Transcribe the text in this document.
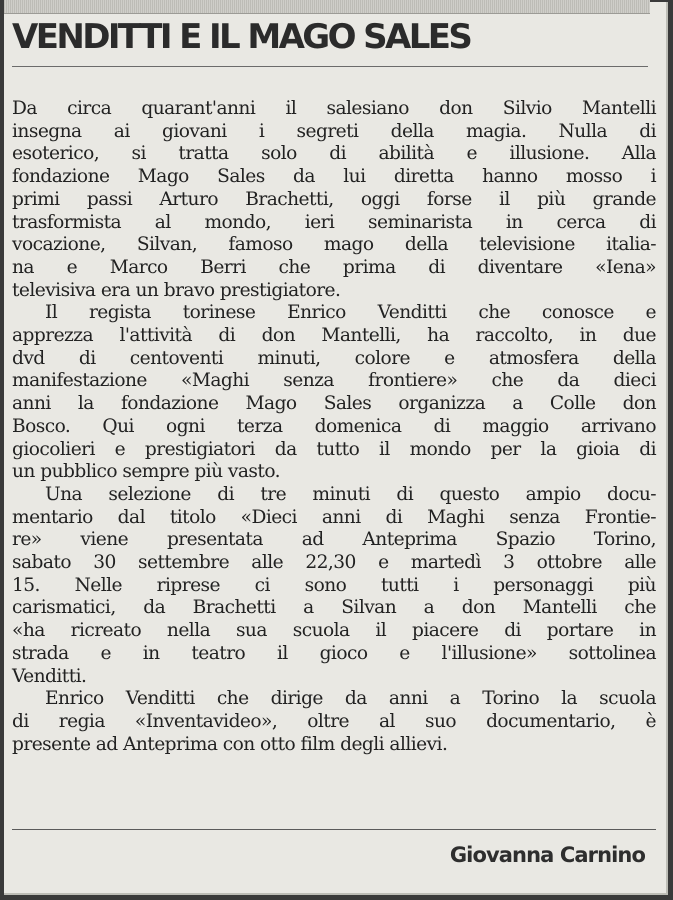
VENDITTI E IL MAGO SALES
Da circa quarant'anni il salesiano don Silvio Mantelli
insegna ai giovani i segreti della magia. Nulla di
esoterico, si tratta solo di abilità e illusione. Alla
fondazione Mago Sales da lui diretta hanno mosso i
primi passi Arturo Brachetti, oggi forse il più grande
trasformista al mondo, ieri seminarista in cerca di
vocazione, Silvan, famoso mago della televisione italia-
na e Marco Berri che prima di diventare «Iena»
televisiva era un bravo prestigiatore.
Il regista torinese Enrico Venditti che conosce e
apprezza l'attività di don Mantelli, ha raccolto, in due
dvd di centoventi minuti, colore e atmosfera della
manifestazione «Maghi senza frontiere» che da dieci
anni la fondazione Mago Sales organizza a Colle don
Bosco. Qui ogni terza domenica di maggio arrivano
giocolieri e prestigiatori da tutto il mondo per la gioia di
un pubblico sempre più vasto.
Una selezione di tre minuti di questo ampio docu-
mentario dal titolo «Dieci anni di Maghi senza Frontie-
re» viene presentata ad Anteprima Spazio Torino,
sabato 30 settembre alle 22,30 e martedì 3 ottobre alle
15. Nelle riprese ci sono tutti i personaggi più
carismatici, da Brachetti a Silvan a don Mantelli che
«ha ricreato nella sua scuola il piacere di portare in
strada e in teatro il gioco e l'illusione» sottolinea
Venditti.
Enrico Venditti che dirige da anni a Torino la scuola
di regia «Inventavideo», oltre al suo documentario, è
presente ad Anteprima con otto film degli allievi.
Giovanna Carnino
